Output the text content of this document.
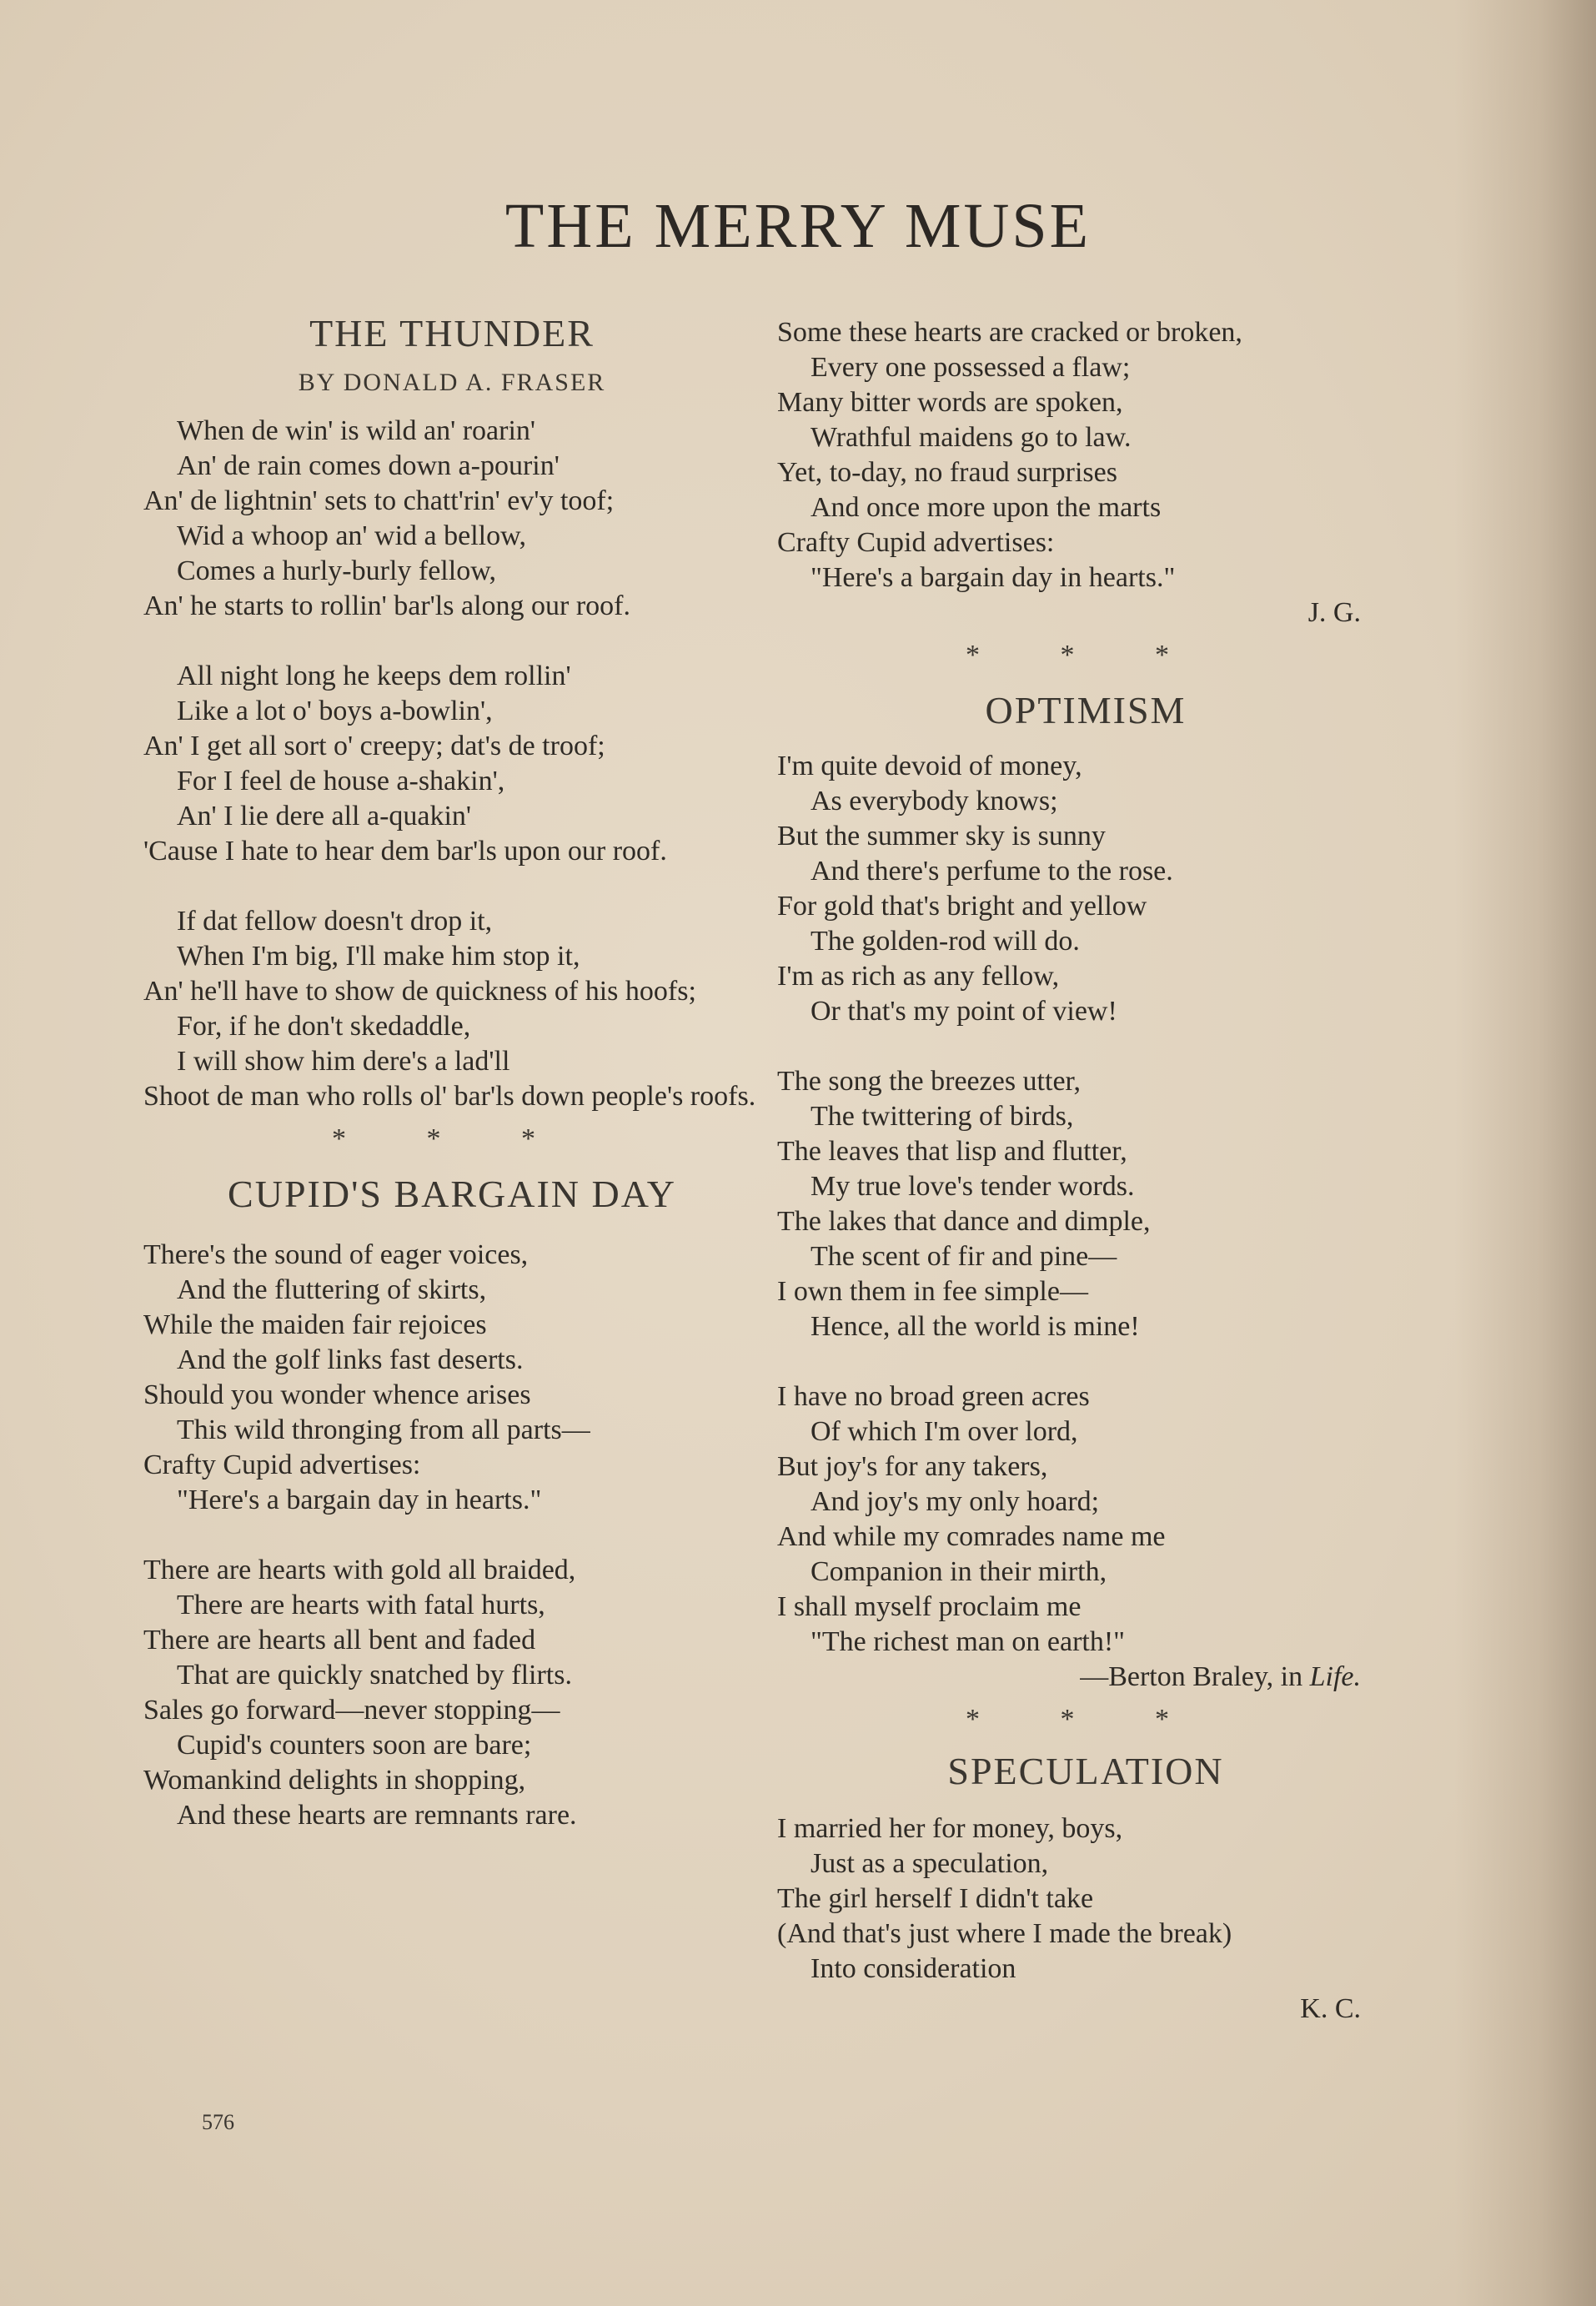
THE MERRY MUSE
THE THUNDER
BY DONALD A. FRASER

When de win' is wild an' roarin'

An' de rain comes down a-pourin'

An' de lightnin' sets to chatt'rin' ev'y toof;

Wid a whoop an' wid a bellow,

Comes a hurly-burly fellow,

An' he starts to rollin' bar'ls along our roof.

All night long he keeps dem rollin'

Like a lot o' boys a-bowlin',

An' I get all sort o' creepy; dat's de troof;

For I feel de house a-shakin',

An' I lie dere all a-quakin'

'Cause I hate to hear dem bar'ls upon our roof.

If dat fellow doesn't drop it,

When I'm big, I'll make him stop it,

An' he'll have to show de quickness of his hoofs;

For, if he don't skedaddle,

I will show him dere's a lad'll

Shoot de man who rolls ol' bar'ls down people's roofs.

* * *
CUPID'S BARGAIN DAY

There's the sound of eager voices,

And the fluttering of skirts,

While the maiden fair rejoices

And the golf links fast deserts.

Should you wonder whence arises

This wild thronging from all parts—

Crafty Cupid advertises:

"Here's a bargain day in hearts."

There are hearts with gold all braided,

There are hearts with fatal hurts,

There are hearts all bent and faded

That are quickly snatched by flirts.

Sales go forward—never stopping—

Cupid's counters soon are bare;

Womankind delights in shopping,

And these hearts are remnants rare.

Some these hearts are cracked or broken,

Every one possessed a flaw;

Many bitter words are spoken,

Wrathful maidens go to law.

Yet, to-day, no fraud surprises

And once more upon the marts

Crafty Cupid advertises:

"Here's a bargain day in hearts."

J. G.

* * *
OPTIMISM

I'm quite devoid of money,

As everybody knows;

But the summer sky is sunny

And there's perfume to the rose.

For gold that's bright and yellow

The golden-rod will do.

I'm as rich as any fellow,

Or that's my point of view!

The song the breezes utter,

The twittering of birds,

The leaves that lisp and flutter,

My true love's tender words.

The lakes that dance and dimple,

The scent of fir and pine—

I own them in fee simple—

Hence, all the world is mine!

I have no broad green acres

Of which I'm over lord,

But joy's for any takers,

And joy's my only hoard;

And while my comrades name me

Companion in their mirth,

I shall myself proclaim me

"The richest man on earth!"

—Berton Braley, in Life.

* * *
SPECULATION

I married her for money, boys,

Just as a speculation,

The girl herself I didn't take

(And that's just where I made the break)

Into consideration

K. C.

576
